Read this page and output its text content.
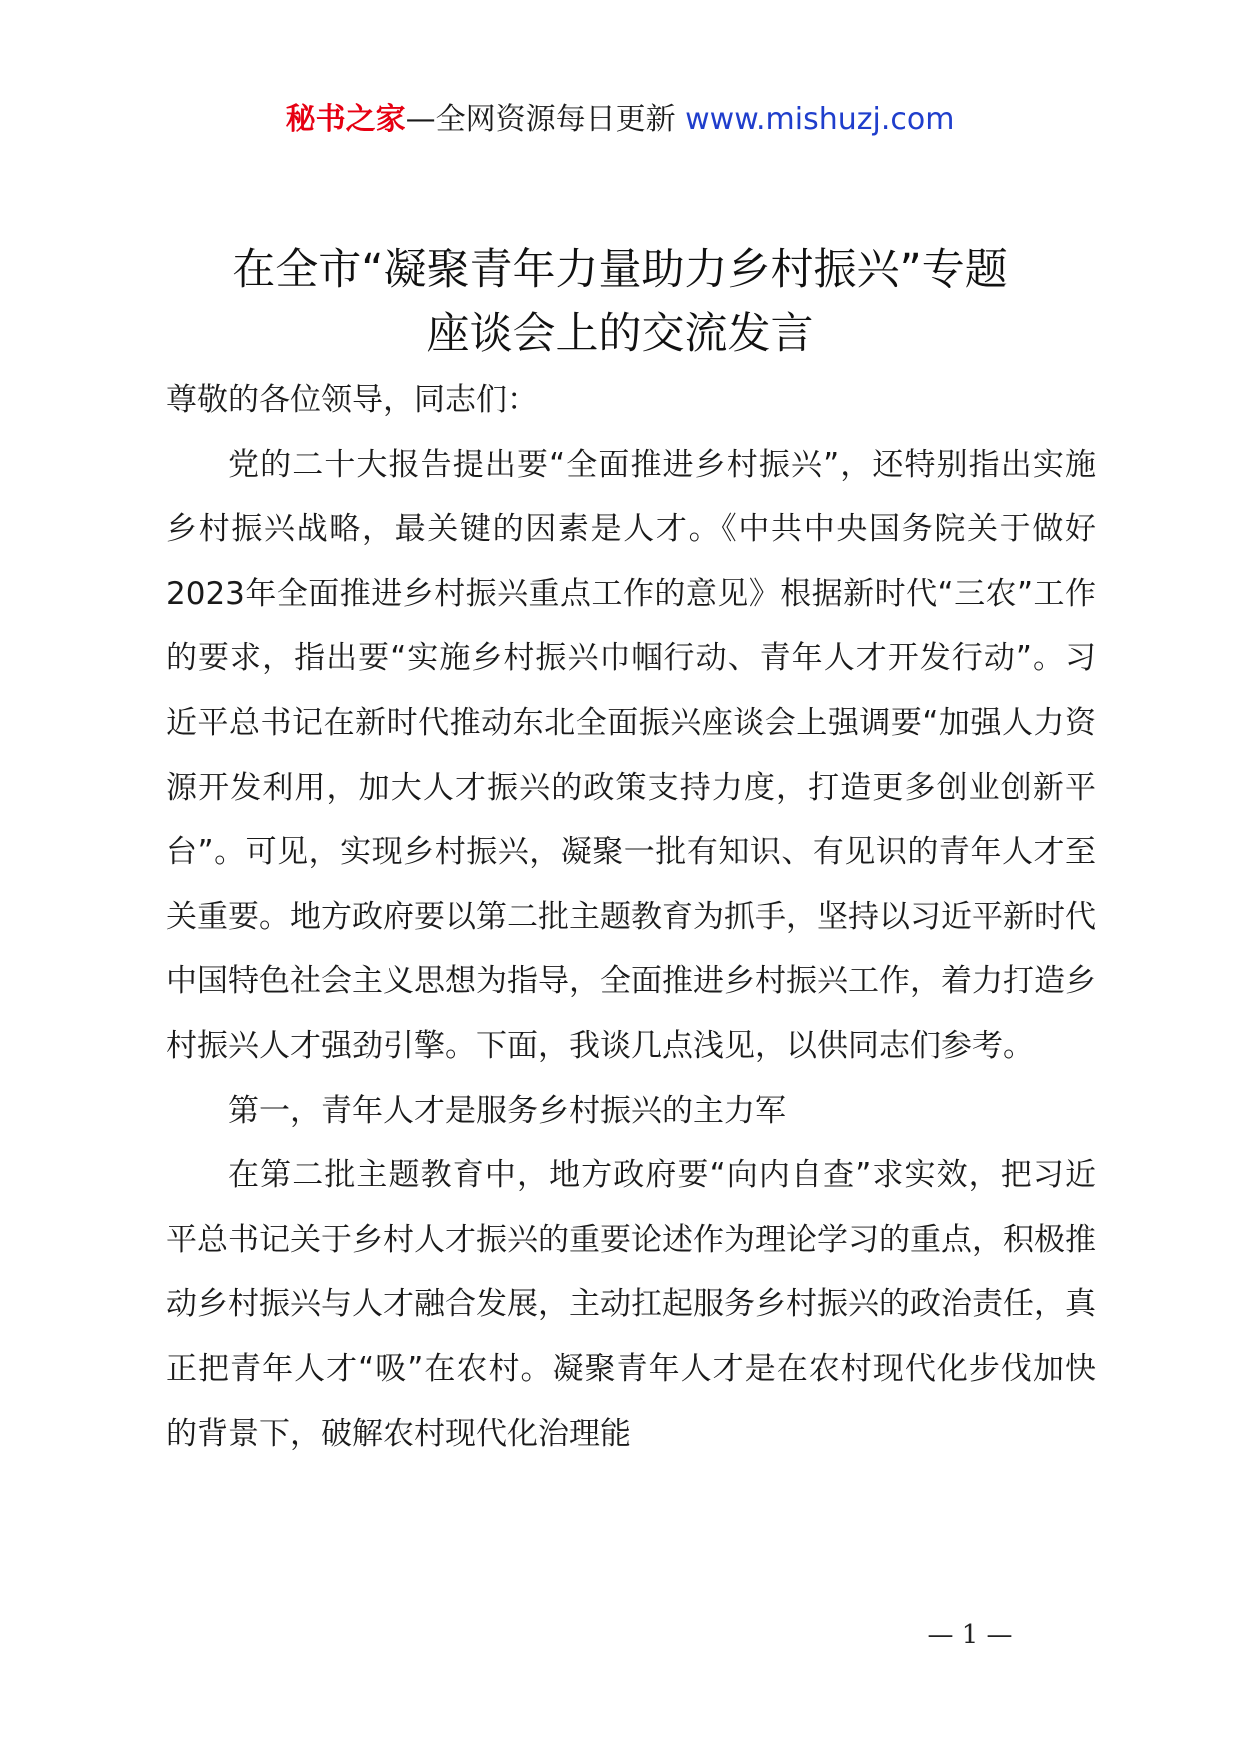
秘书之家—全网资源每日更新 www.mishuzj.com
在全市“凝聚青年力量助力乡村振兴”专题
座谈会上的交流发言

尊敬的各位领导，同志们：

党的二十大报告提出要“全面推进乡村振兴”，还特别指出实施乡村振兴战略，最关键的因素是人才。《中共中央国务院关于做好2023年全面推进乡村振兴重点工作的意见》根据新时代“三农”工作的要求，指出要“实施乡村振兴巾帼行动、青年人才开发行动”。习近平总书记在新时代推动东北全面振兴座谈会上强调要“加强人力资源开发利用，加大人才振兴的政策支持力度，打造更多创业创新平台”。可见，实现乡村振兴，凝聚一批有知识、有见识的青年人才至关重要。地方政府要以第二批主题教育为抓手，坚持以习近平新时代中国特色社会主义思想为指导，全面推进乡村振兴工作，着力打造乡村振兴人才强劲引擎。下面，我谈几点浅见，以供同志们参考。

第一，青年人才是服务乡村振兴的主力军

在第二批主题教育中，地方政府要“向内自查”求实效，把习近平总书记关于乡村人才振兴的重要论述作为理论学习的重点，积极推动乡村振兴与人才融合发展，主动扛起服务乡村振兴的政治责任，真正把青年人才“吸”在农村。凝聚青年人才是在农村现代化步伐加快的背景下，破解农村现代化治理能

— 1 —
